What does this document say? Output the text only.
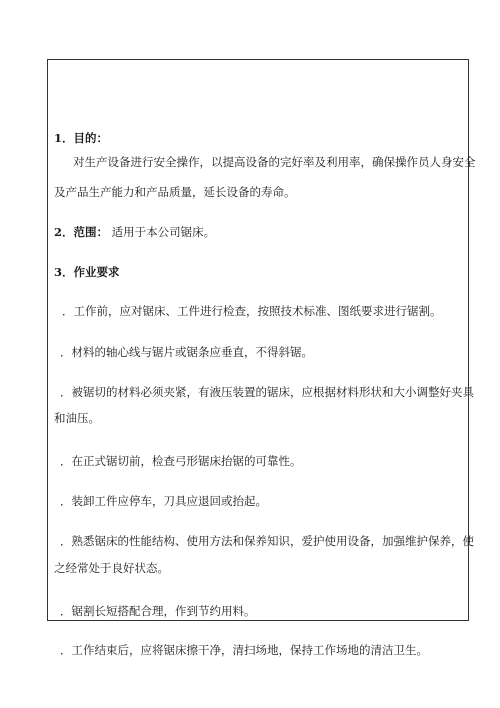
1．目的：
对生产设备进行安全操作，以提高设备的完好率及利用率，确保操作员人身安全
及产品生产能力和产品质量，延长设备的寿命。
2．范围： 适用于本公司锯床。
3．作业要求
．工作前，应对锯床、工件进行检查，按照技术标准、图纸要求进行锯割。
．材料的轴心线与锯片或锯条应垂直，不得斜锯。
．被锯切的材料必须夹紧，有液压装置的锯床，应根据材料形状和大小调整好夹具
和油压。
．在正式锯切前，检查弓形锯床抬锯的可靠性。
．装卸工件应停车，刀具应退回或抬起。
．熟悉锯床的性能结构、使用方法和保养知识，爱护使用设备，加强维护保养，使
之经常处于良好状态。
．锯割长短搭配合理，作到节约用料。
．工作结束后，应将锯床擦干净，清扫场地，保持工作场地的清洁卫生。
